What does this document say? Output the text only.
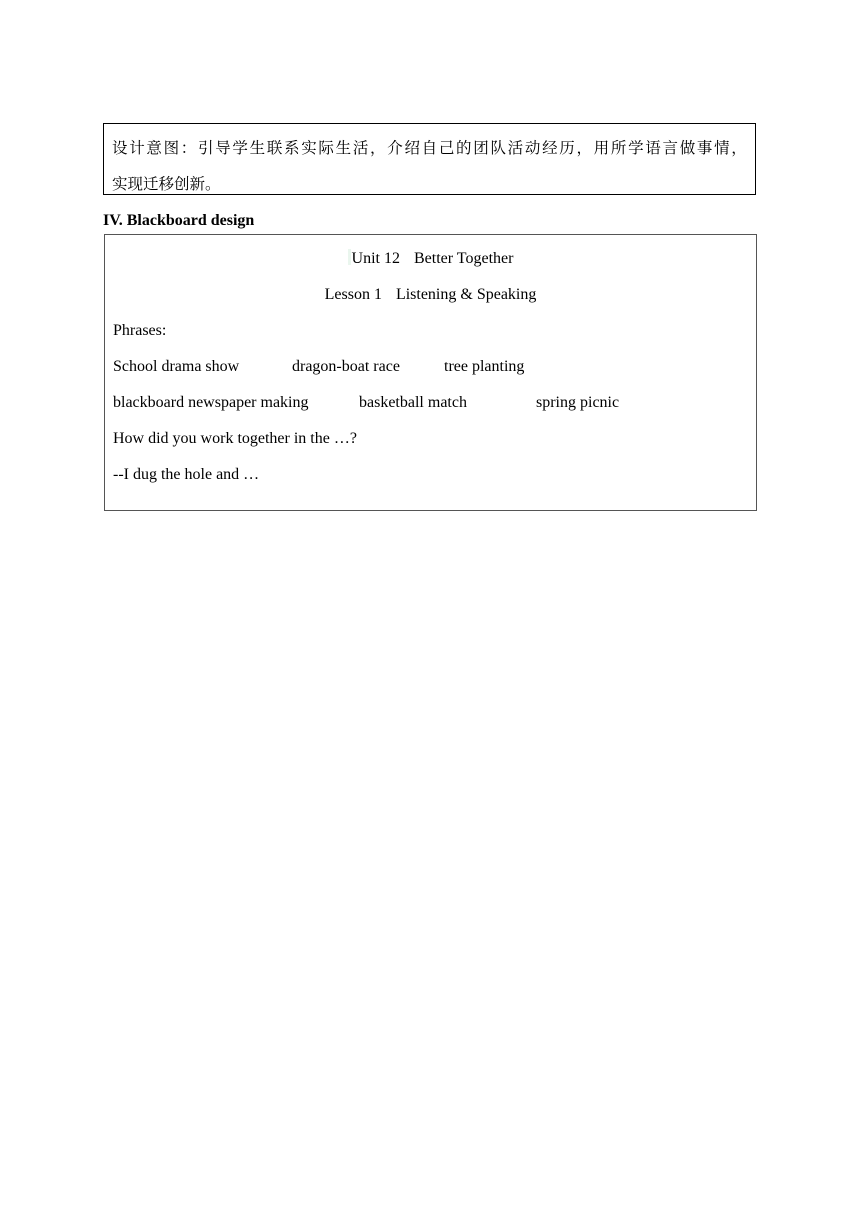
设计意图：引导学生联系实际生活，介绍自己的团队活动经历，用所学语言做事情，
实现迁移创新。
IV. Blackboard design
Unit 12 Better Together
Lesson 1 Listening & Speaking
Phrases:
School drama show	dragon-boat race	tree planting
blackboard newspaper making	basketball match	spring picnic
How did you work together in the …?
--I dug the hole and …
